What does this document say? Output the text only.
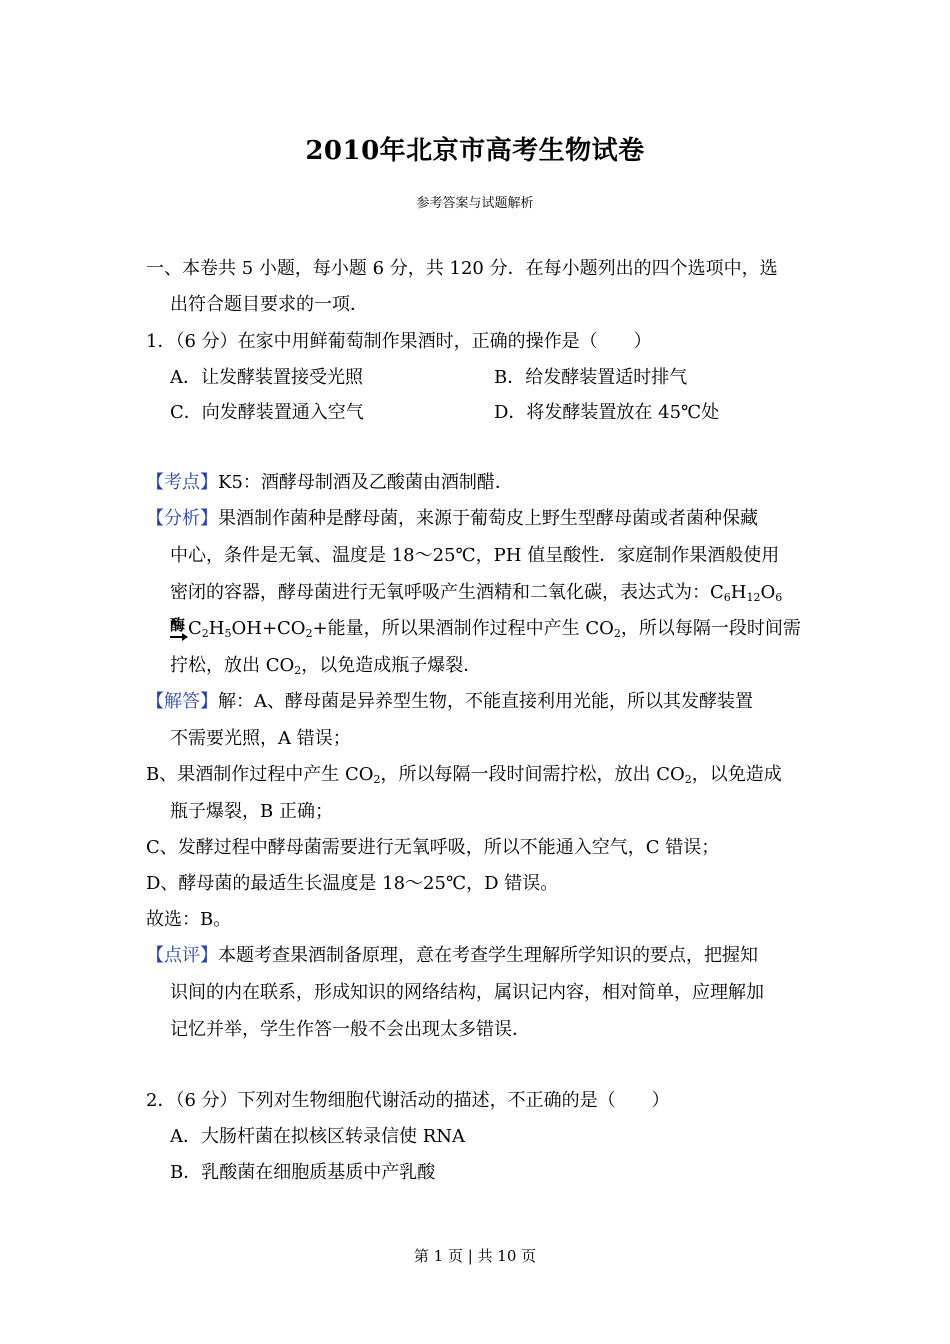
2010年北京市高考生物试卷
参考答案与试题解析
一、本卷共 5 小题，每小题 6 分，共 120 分．在每小题列出的四个选项中，选
出符合题目要求的一项．
1．（6 分）在家中用鲜葡萄制作果酒时，正确的操作是（　　）
A．让发酵装置接受光照	B．给发酵装置适时排气
C．向发酵装置通入空气	D．将发酵装置放在 45℃处
【考点】K5：酒酵母制酒及乙酸菌由酒制醋．
【分析】果酒制作菌种是酵母菌，来源于葡萄皮上野生型酵母菌或者菌种保藏
中心，条件是无氧、温度是 18～25℃，PH 值呈酸性．家庭制作果酒般使用
密闭的容器，酵母菌进行无氧呼吸产生酒精和二氧化碳，表达式为：$C_6H_{12}O_6$
酶 $C_2H_5OH+CO_2+$能量，所以果酒制作过程中产生 $CO_2$，所以每隔一段时间需
拧松，放出 $CO_2$，以免造成瓶子爆裂．
【解答】解：A、酵母菌是异养型生物，不能直接利用光能，所以其发酵装置
不需要光照，A 错误；
B、果酒制作过程中产生 $CO_2$，所以每隔一段时间需拧松，放出 $CO_2$，以免造成
瓶子爆裂，B 正确；
C、发酵过程中酵母菌需要进行无氧呼吸，所以不能通入空气，C 错误；
D、酵母菌的最适生长温度是 18～25℃，D 错误。
故选：B。
【点评】本题考查果酒制备原理，意在考查学生理解所学知识的要点，把握知
识间的内在联系，形成知识的网络结构，属识记内容，相对简单，应理解加
记忆并举，学生作答一般不会出现太多错误．
2．（6 分）下列对生物细胞代谢活动的描述，不正确的是（　　）
A．大肠杆菌在拟核区转录信使 RNA
B．乳酸菌在细胞质基质中产乳酸
第 1 页 | 共 10 页
